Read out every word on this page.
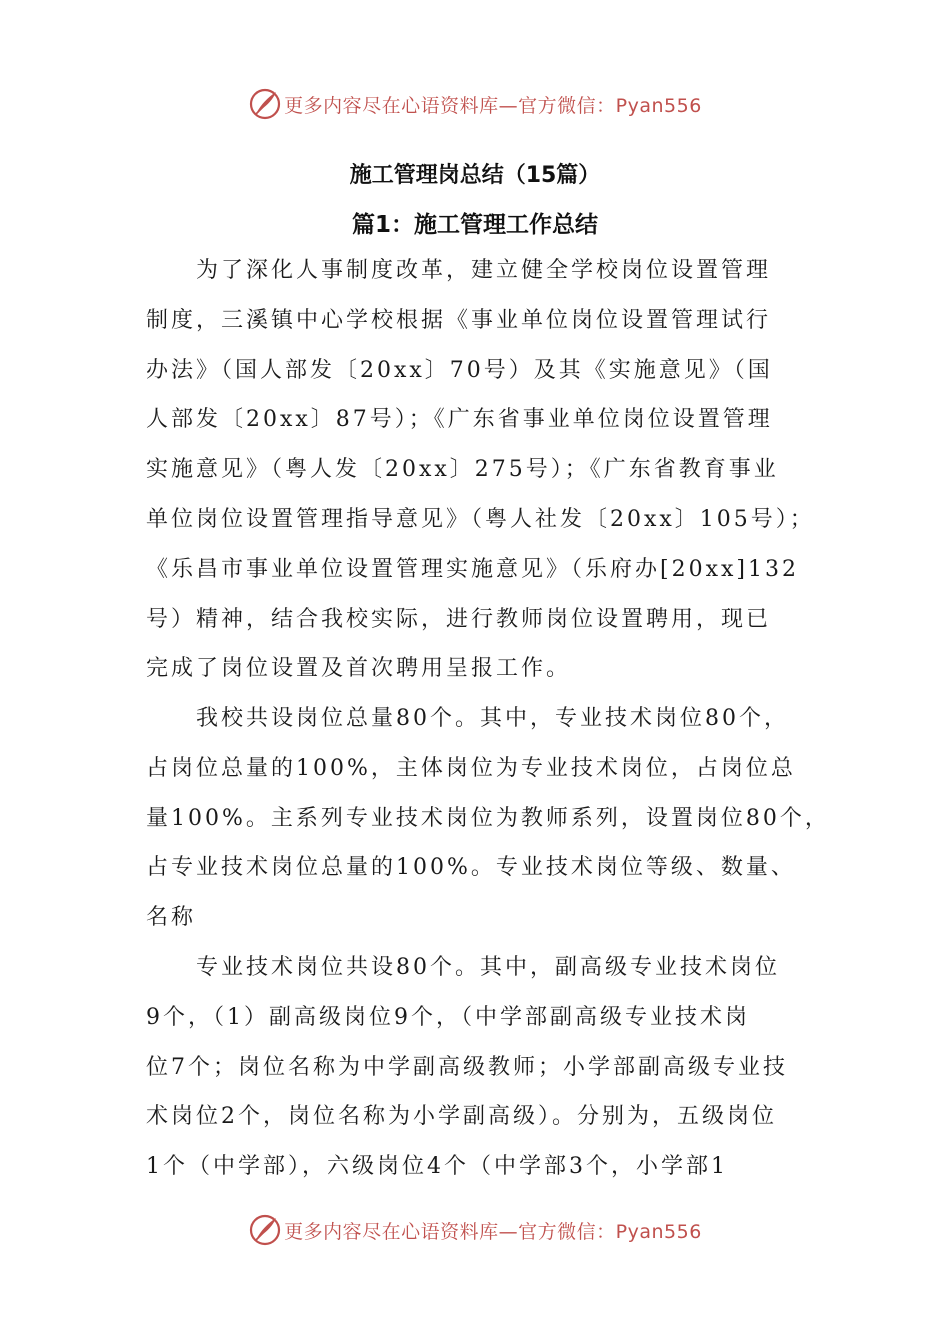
更多内容尽在心语资料库—官方微信：Pyan556
施工管理岗总结（15篇）
篇1：施工管理工作总结
为了深化人事制度改革，建立健全学校岗位设置管理
制度，三溪镇中心学校根据《事业单位岗位设置管理试行
办法》（国人部发〔20xx〕70号）及其《实施意见》（国
人部发〔20xx〕87号）；《广东省事业单位岗位设置管理
实施意见》（粤人发〔20xx〕275号）；《广东省教育事业
单位岗位设置管理指导意见》（粤人社发〔20xx〕105号）；
《乐昌市事业单位设置管理实施意见》（乐府办[20xx]132
号）精神，结合我校实际，进行教师岗位设置聘用，现已
完成了岗位设置及首次聘用呈报工作。
我校共设岗位总量80个。其中，专业技术岗位80个，
占岗位总量的100%，主体岗位为专业技术岗位，占岗位总
量100%。主系列专业技术岗位为教师系列，设置岗位80个，
占专业技术岗位总量的100%。专业技术岗位等级、数量、
名称
专业技术岗位共设80个。其中，副高级专业技术岗位
9个，（1）副高级岗位9个，（中学部副高级专业技术岗
位7个；岗位名称为中学副高级教师；小学部副高级专业技
术岗位2个，岗位名称为小学副高级）。分别为，五级岗位
1个（中学部），六级岗位4个（中学部3个，小学部1
更多内容尽在心语资料库—官方微信：Pyan556
